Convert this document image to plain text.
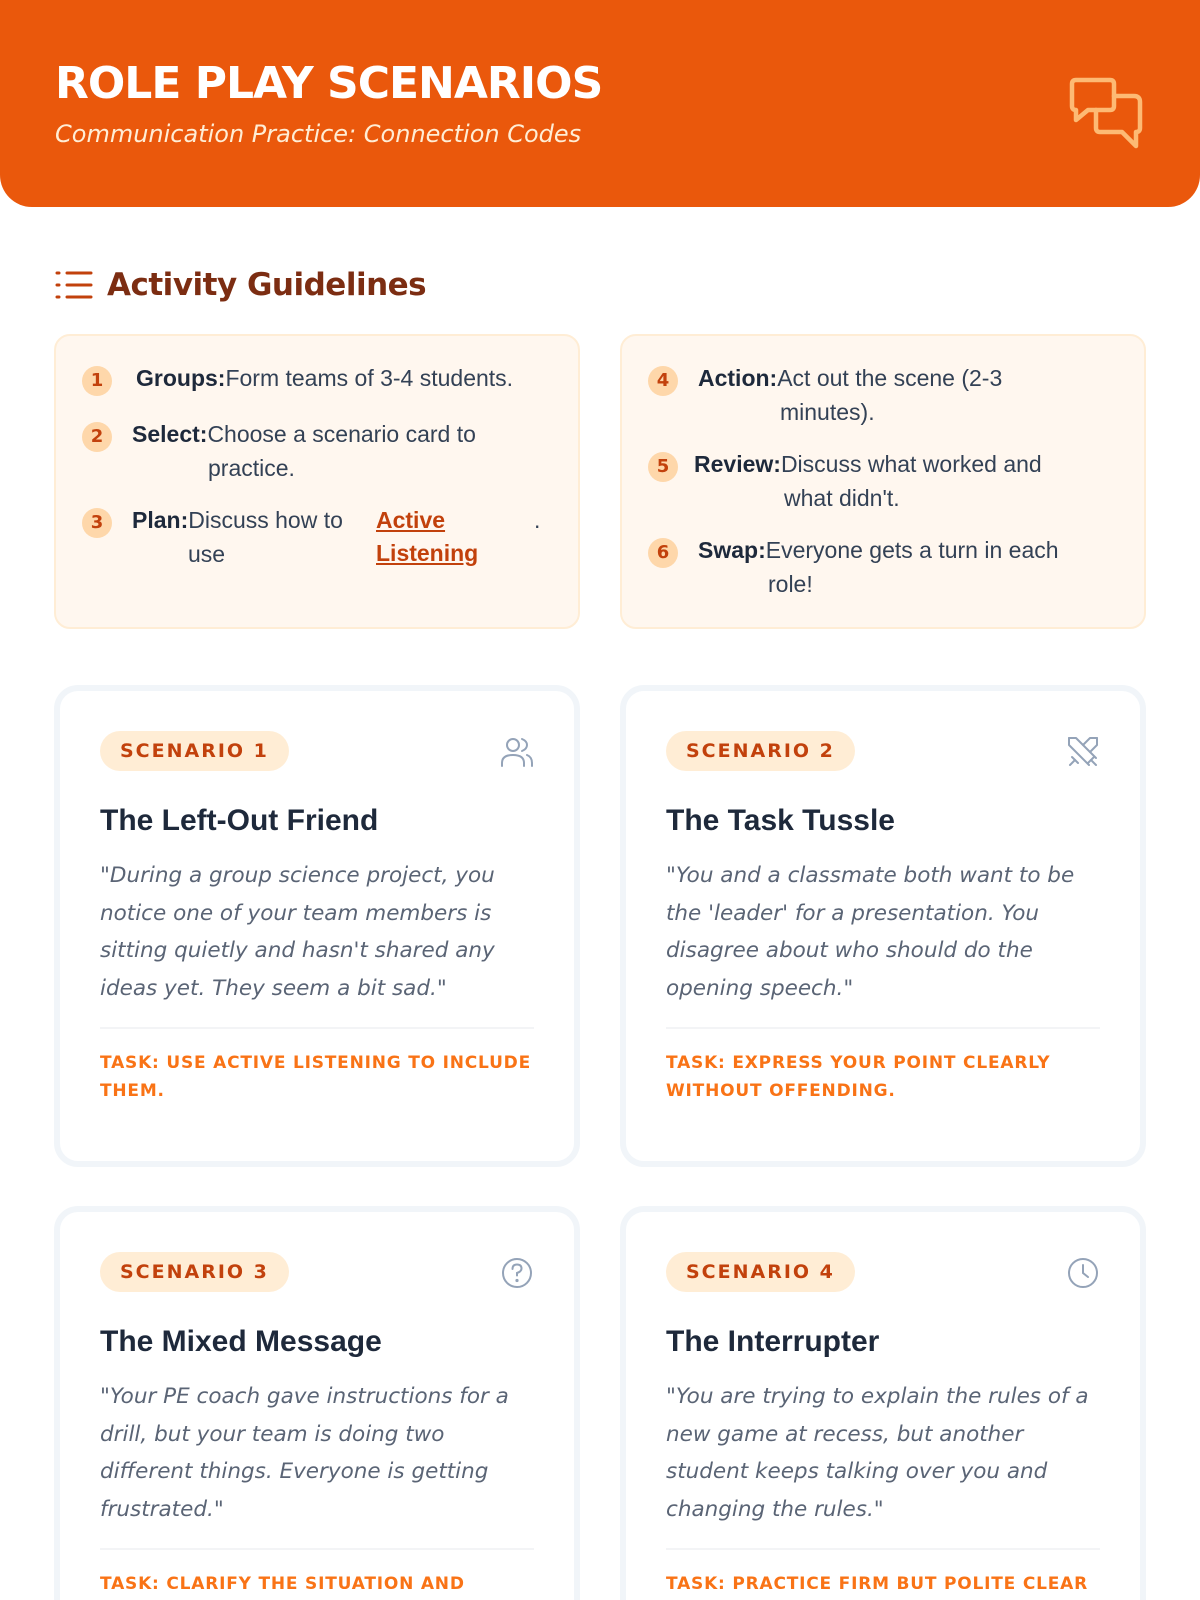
ROLE PLAY SCENARIOS
Communication Practice: Connection Codes
Activity Guidelines
1	Groups:Form teams of 3-4 students.
2	Select:Choose a scenario card to
practice.
3	Plan:Discuss how to
use
Active Listening
.
4	Action:Act out the scene (2-3
minutes).
5	Review:Discuss what worked and
what didn't.
6	Swap:Everyone gets a turn in each
role!
SCENARIO 1
The Left-Out Friend
"During a group science project, you notice one of your team members is sitting quietly and hasn't shared any ideas yet. They seem a bit sad."
TASK: USE ACTIVE LISTENING TO INCLUDE THEM.
SCENARIO 2
The Task Tussle
"You and a classmate both want to be the 'leader' for a presentation. You disagree about who should do the opening speech."
TASK: EXPRESS YOUR POINT CLEARLY WITHOUT OFFENDING.
SCENARIO 3
The Mixed Message
"Your PE coach gave instructions for a drill, but your team is doing two different things. Everyone is getting frustrated."
TASK: CLARIFY THE SITUATION AND
SCENARIO 4
The Interrupter
"You are trying to explain the rules of a new game at recess, but another student keeps talking over you and changing the rules."
TASK: PRACTICE FIRM BUT POLITE CLEAR
